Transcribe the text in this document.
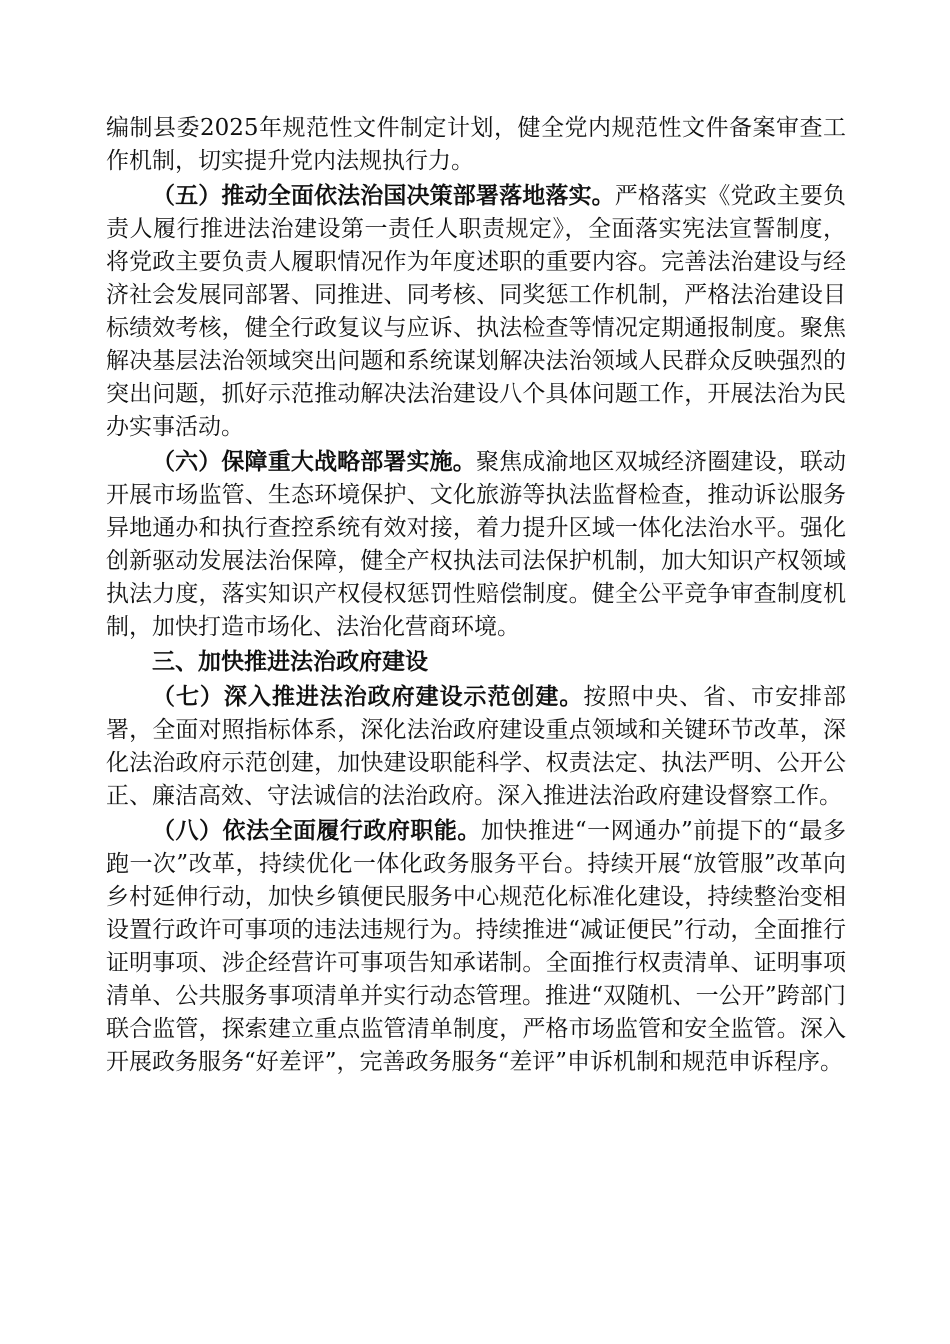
编制县委2025年规范性文件制定计划，健全党内规范性文件备案审查工作机制，切实提升党内法规执行力。

（五）推动全面依法治国决策部署落地落实。严格落实《党政主要负责人履行推进法治建设第一责任人职责规定》，全面落实宪法宣誓制度，将党政主要负责人履职情况作为年度述职的重要内容。完善法治建设与经济社会发展同部署、同推进、同考核、同奖惩工作机制，严格法治建设目标绩效考核，健全行政复议与应诉、执法检查等情况定期通报制度。聚焦解决基层法治领域突出问题和系统谋划解决法治领域人民群众反映强烈的突出问题，抓好示范推动解决法治建设八个具体问题工作，开展法治为民办实事活动。

（六）保障重大战略部署实施。聚焦成渝地区双城经济圈建设，联动开展市场监管、生态环境保护、文化旅游等执法监督检查，推动诉讼服务异地通办和执行查控系统有效对接，着力提升区域一体化法治水平。强化创新驱动发展法治保障，健全产权执法司法保护机制，加大知识产权领域执法力度，落实知识产权侵权惩罚性赔偿制度。健全公平竞争审查制度机制，加快打造市场化、法治化营商环境。

三、加快推进法治政府建设

（七）深入推进法治政府建设示范创建。按照中央、省、市安排部署，全面对照指标体系，深化法治政府建设重点领域和关键环节改革，深化法治政府示范创建，加快建设职能科学、权责法定、执法严明、公开公正、廉洁高效、守法诚信的法治政府。深入推进法治政府建设督察工作。

（八）依法全面履行政府职能。加快推进“一网通办”前提下的“最多跑一次”改革，持续优化一体化政务服务平台。持续开展“放管服”改革向乡村延伸行动，加快乡镇便民服务中心规范化标准化建设，持续整治变相设置行政许可事项的违法违规行为。持续推进“减证便民”行动，全面推行证明事项、涉企经营许可事项告知承诺制。全面推行权责清单、证明事项清单、公共服务事项清单并实行动态管理。推进“双随机、一公开”跨部门联合监管，探索建立重点监管清单制度，严格市场监管和安全监管。深入开展政务服务“好差评”，完善政务服务“差评”申诉机制和规范申诉程序。
